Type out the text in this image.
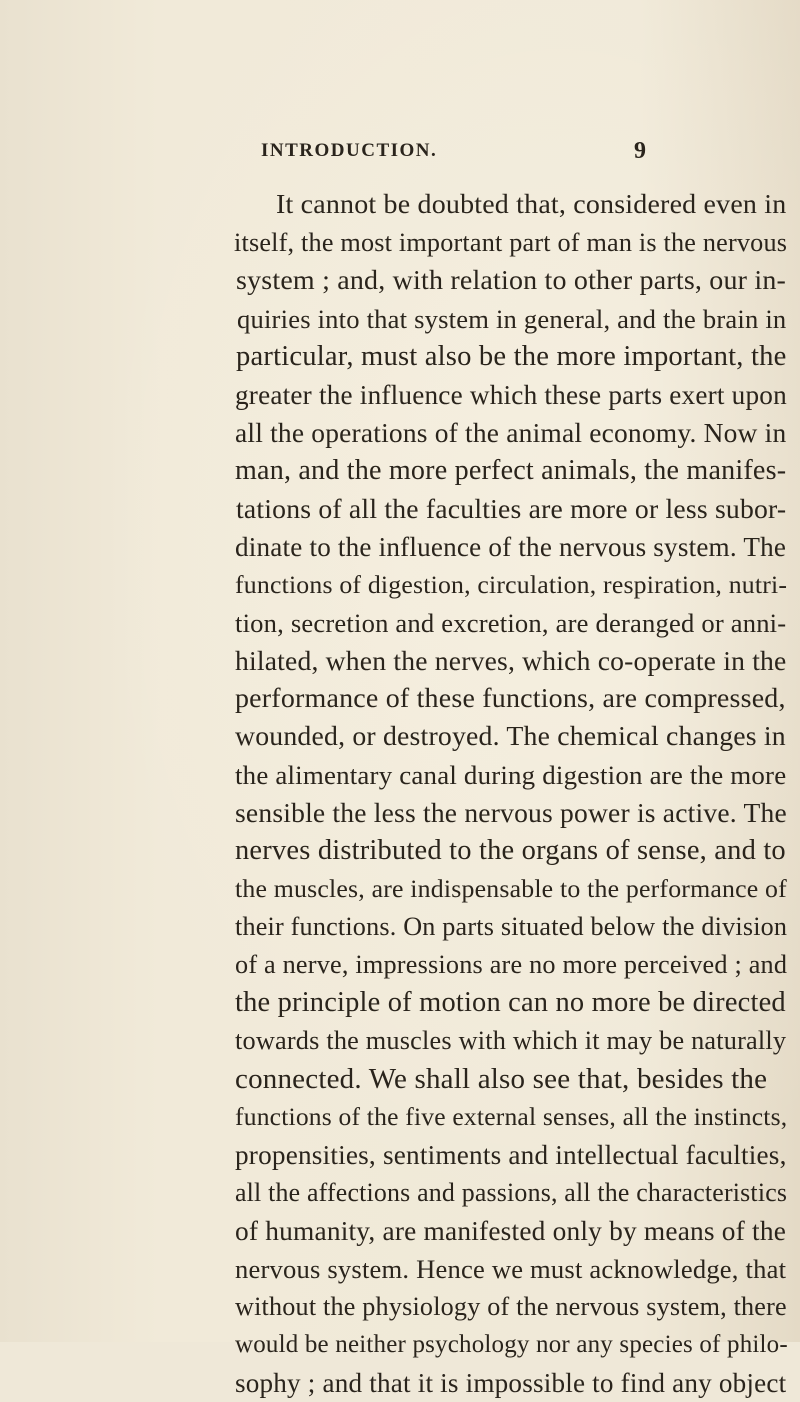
INTRODUCTION.	9
It cannot be doubted that, considered even in
itself, the most important part of man is the nervous
system ; and, with relation to other parts, our in-
quiries into that system in general, and the brain in
particular, must also be the more important, the
greater the influence which these parts exert upon
all the operations of the animal economy. Now in
man, and the more perfect animals, the manifes-
tations of all the faculties are more or less subor-
dinate to the influence of the nervous system. The
functions of digestion, circulation, respiration, nutri-
tion, secretion and excretion, are deranged or anni-
hilated, when the nerves, which co-operate in the
performance of these functions, are compressed,
wounded, or destroyed. The chemical changes in
the alimentary canal during digestion are the more
sensible the less the nervous power is active. The
nerves distributed to the organs of sense, and to
the muscles, are indispensable to the performance of
their functions. On parts situated below the division
of a nerve, impressions are no more perceived ; and
the principle of motion can no more be directed
towards the muscles with which it may be naturally
connected. We shall also see that, besides the
functions of the five external senses, all the instincts,
propensities, sentiments and intellectual faculties,
all the affections and passions, all the characteristics
of humanity, are manifested only by means of the
nervous system. Hence we must acknowledge, that
without the physiology of the nervous system, there
would be neither psychology nor any species of philo-
sophy ; and that it is impossible to find any object
